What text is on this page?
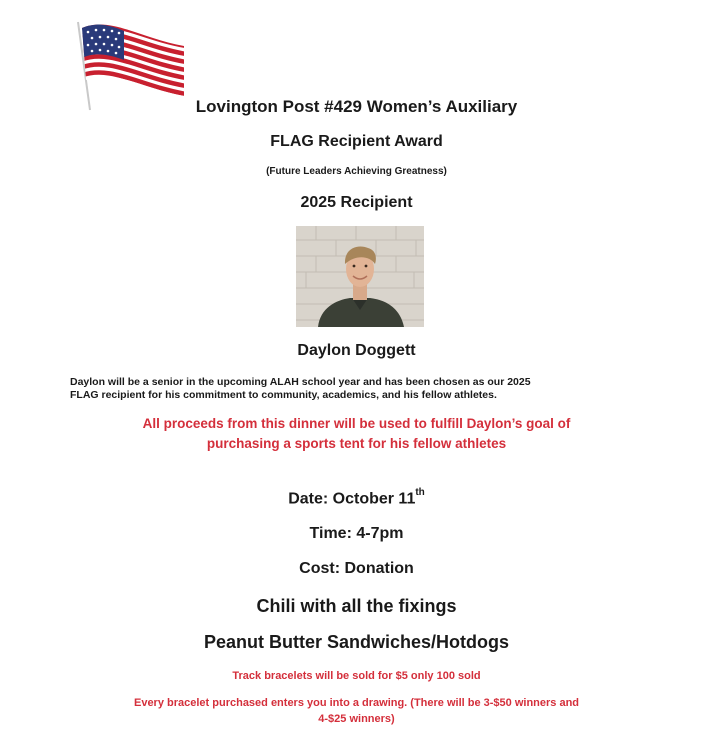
Lovington Post #429 Women’s Auxiliary
FLAG Recipient Award
(Future Leaders Achieving Greatness)
2025 Recipient
Daylon Doggett
Daylon will be a senior in the upcoming ALAH school year and has been chosen as our 2025
FLAG recipient for his commitment to community, academics, and his fellow athletes.
All proceeds from this dinner will be used to fulfill Daylon’s goal of
purchasing a sports tent for his fellow athletes
Date: October 11th
Time: 4-7pm
Cost: Donation
Chili with all the fixings
Peanut Butter Sandwiches/Hotdogs
Track bracelets will be sold for $5 only 100 sold
Every bracelet purchased enters you into a drawing. (There will be 3-$50 winners and
4-$25 winners)
